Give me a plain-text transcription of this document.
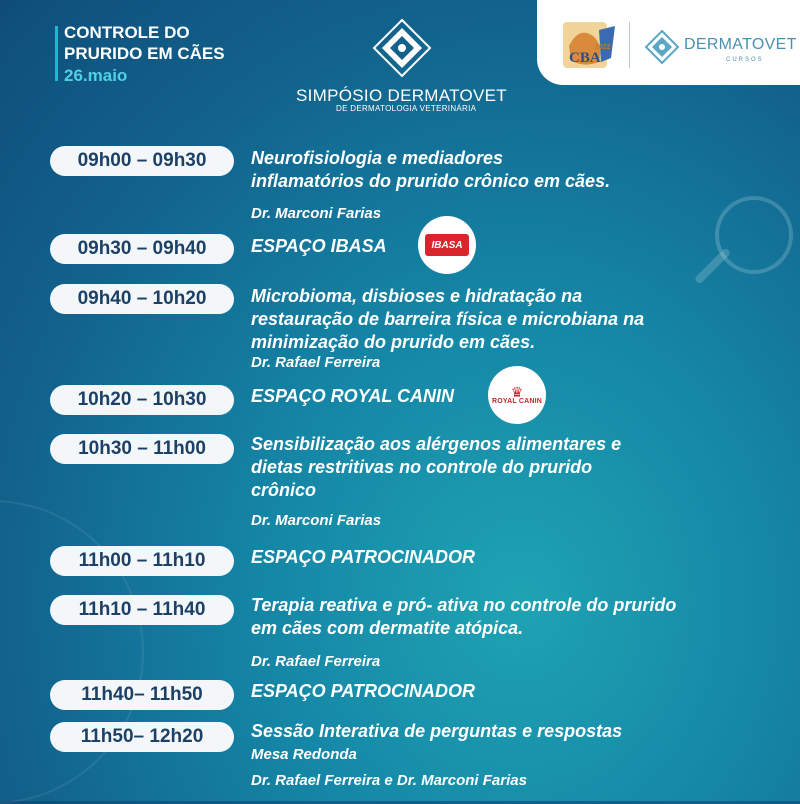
CONTROLE DO
PRURIDO EM CÃES
26.maio
SIMPÓSIO DERMATOVET
DE DERMATOLOGIA VETERINÁRIA
CBA
2022	DERMATOVET
CURSOS
09h00 – 09h30	Neurofisiologia e mediadores
inflamatórios do prurido crônico em cães.
Dr. Marconi Farias
09h30 – 09h40	ESPAÇO IBASA	IBASA
09h40 – 10h20	Microbioma, disbioses e hidratação na
restauração de barreira física e microbiana na
minimização do prurido em cães.
Dr. Rafael Ferreira
10h20 – 10h30	ESPAÇO ROYAL CANIN	♛
ROYAL CANIN
10h30 – 11h00	Sensibilização aos alérgenos alimentares e
dietas restritivas no controle do prurido
crônico
Dr. Marconi Farias
11h00 – 11h10	ESPAÇO PATROCINADOR
11h10 – 11h40	Terapia reativa e pró- ativa no controle do prurido
em cães com dermatite atópica.
Dr. Rafael Ferreira
11h40– 11h50	ESPAÇO PATROCINADOR
11h50– 12h20	Sessão Interativa de perguntas e respostas
Mesa Redonda
Dr. Rafael Ferreira e Dr. Marconi Farias
